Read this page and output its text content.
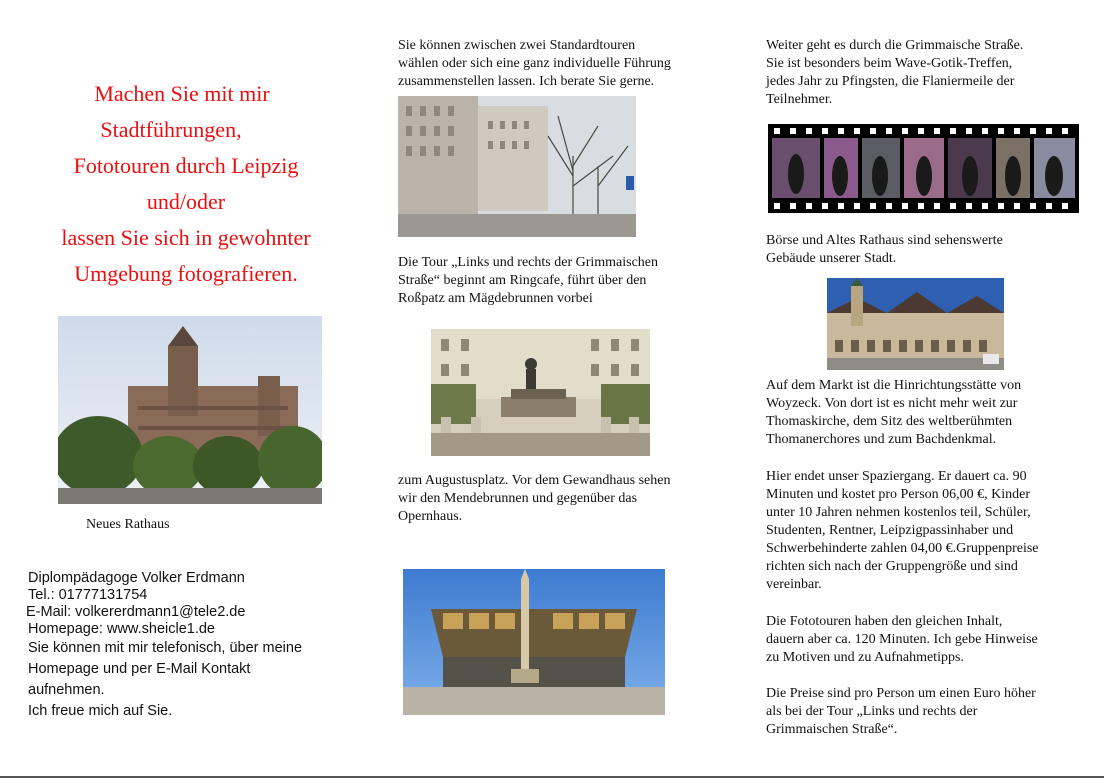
Machen Sie mit mir
Stadtführungen,
Fototouren durch Leipzig
und/oder
lassen Sie sich in gewohnter
Umgebung fotografieren.
Neues Rathaus
Diplompädagoge Volker Erdmann
Tel.: 01777131754
E-Mail: volkererdmann1@tele2.de
Homepage: www.sheicle1.de
Sie können mit mir telefonisch, über meine
Homepage und per E-Mail Kontakt
aufnehmen.
Ich freue mich auf Sie.
Sie können zwischen zwei Standardtouren
wählen oder sich eine ganz individuelle Führung
zusammenstellen lassen. Ich berate Sie gerne.
Die Tour „Links und rechts der Grimmaischen
Straße“ beginnt am Ringcafe, führt über den
Roßpatz am Mägdebrunnen vorbei
zum Augustusplatz. Vor dem Gewandhaus sehen
wir den Mendebrunnen und gegenüber das
Opernhaus.
Weiter geht es durch die Grimmaische Straße.
Sie ist besonders beim Wave-Gotik-Treffen,
jedes Jahr zu Pfingsten, die Flaniermeile der
Teilnehmer.
Börse und Altes Rathaus sind sehenswerte
Gebäude unserer Stadt.
Auf dem Markt ist die Hinrichtungsstätte von
Woyzeck. Von dort ist es nicht mehr weit zur
Thomaskirche, dem Sitz des weltberühmten
Thomanerchores und zum Bachdenkmal.
Hier endet unser Spaziergang. Er dauert ca. 90
Minuten und kostet pro Person 06,00 €, Kinder
unter 10 Jahren nehmen kostenlos teil, Schüler,
Studenten, Rentner, Leipzigpassinhaber und
Schwerbehinderte zahlen 04,00 €.Gruppenpreise
richten sich nach der Gruppengröße und sind
vereinbar.
Die Fototouren haben den gleichen Inhalt,
dauern aber ca. 120 Minuten. Ich gebe Hinweise
zu Motiven und zu Aufnahmetipps.
Die Preise sind pro Person um einen Euro höher
als bei der Tour „Links und rechts der
Grimmaischen Straße“.
